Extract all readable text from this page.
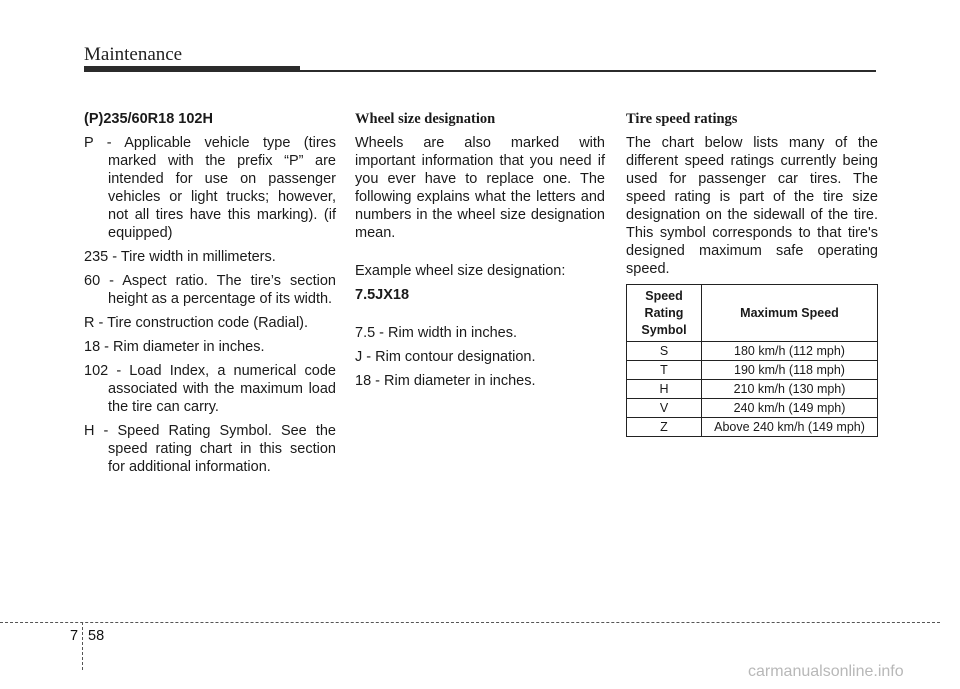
Maintenance

(P)235/60R18 102H

P - Applicable vehicle type (tires marked with the prefix “P” are intended for use on passenger vehicles or light trucks; however, not all tires have this marking). (if equipped)

235 - Tire width in millimeters.

60 - Aspect ratio. The tire’s section height as a percentage of its width.

R - Tire construction code (Radial).

18 - Rim diameter in inches.

102 - Load Index, a numerical code associated with the maximum load the tire can carry.

H - Speed Rating Symbol. See the speed rating chart in this section for additional information.

Wheel size designation

Wheels are also marked with important information that you need if you ever have to replace one. The following explains what the letters and numbers in the wheel size designation mean.

Example wheel size designation:

7.5JX18

7.5 - Rim width in inches.

J - Rim contour designation.

18 - Rim diameter in inches.

Tire speed ratings

The chart below lists many of the different speed ratings currently being used for passenger car tires. The speed rating is part of the tire size designation on the sidewall of the tire. This symbol corresponds to that tire's designed maximum safe operating speed.

Speed Rating Symbol	Maximum Speed
S	180 km/h (112 mph)
T	190 km/h (118 mph)
H	210 km/h (130 mph)
V	240 km/h (149 mph)
Z	Above 240 km/h (149 mph)
7 58
carmanualsonline.info
